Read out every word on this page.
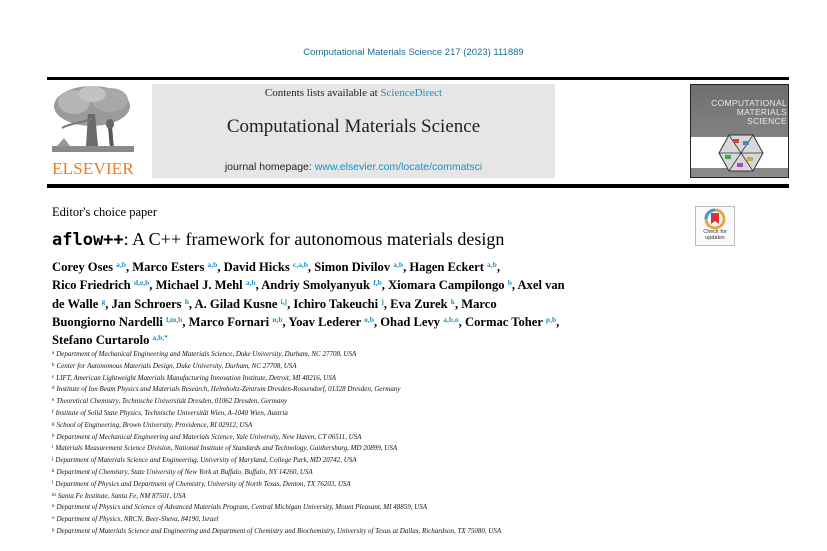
Computational Materials Science 217 (2023) 111889
ELSEVIER
Contents lists available at ScienceDirect
Computational Materials Science
journal homepage: www.elsevier.com/locate/commatsci
COMPUTATIONAL
MATERIALS
SCIENCE
Editor's choice paper
aflow++: A C++ framework for autonomous materials design	Check for updates
Corey Oses $^{a,b}$, Marco Esters $^{a,b}$, David Hicks $^{c,a,b}$, Simon Divilov $^{a,b}$, Hagen Eckert $^{a,b}$,
Rico Friedrich $^{d,e,b}$, Michael J. Mehl $^{a,b}$, Andriy Smolyanyuk $^{f,b}$, Xiomara Campilongo $^b$, Axel van
de Walle $^g$, Jan Schroers $^h$, A. Gilad Kusne $^{i,j}$, Ichiro Takeuchi $^j$, Eva Zurek $^k$, Marco
Buongiorno Nardelli $^{l,m,b}$, Marco Fornari $^{n,b}$, Yoav Lederer $^{o,b}$, Ohad Levy $^{a,b,o}$, Cormac Toher $^{p,b}$,
Stefano Curtarolo $^{a,b,*}$
$^a$ Department of Mechanical Engineering and Materials Science, Duke University, Durham, NC 27708, USA
$^b$ Center for Autonomous Materials Design, Duke University, Durham, NC 27708, USA
$^c$ LIFT, American Lightweight Materials Manufacturing Innovation Institute, Detroit, MI 48216, USA
$^d$ Institute of Ion Beam Physics and Materials Research, Helmholtz-Zentrum Dresden-Rossendorf, 01328 Dresden, Germany
$^e$ Theoretical Chemistry, Technische Universität Dresden, 01062 Dresden, Germany
$^f$ Institute of Solid State Physics, Technische Universität Wien, A-1040 Wien, Austria
$^g$ School of Engineering, Brown University, Providence, RI 02912, USA
$^h$ Department of Mechanical Engineering and Materials Science, Yale University, New Haven, CT 06511, USA
$^i$ Materials Measurement Science Division, National Institute of Standards and Technology, Gaithersburg, MD 20899, USA
$^j$ Department of Materials Science and Engineering, University of Maryland, College Park, MD 20742, USA
$^k$ Department of Chemistry, State University of New York at Buffalo, Buffalo, NY 14260, USA
$^l$ Department of Physics and Department of Chemistry, University of North Texas, Denton, TX 76203, USA
$^m$ Santa Fe Institute, Santa Fe, NM 87501, USA
$^n$ Department of Physics and Science of Advanced Materials Program, Central Michigan University, Mount Pleasant, MI 48859, USA
$^o$ Department of Physics, NRCN, Beer-Sheva, 84190, Israel
$^p$ Department of Materials Science and Engineering and Department of Chemistry and Biochemistry, University of Texas at Dallas, Richardson, TX 75080, USA
